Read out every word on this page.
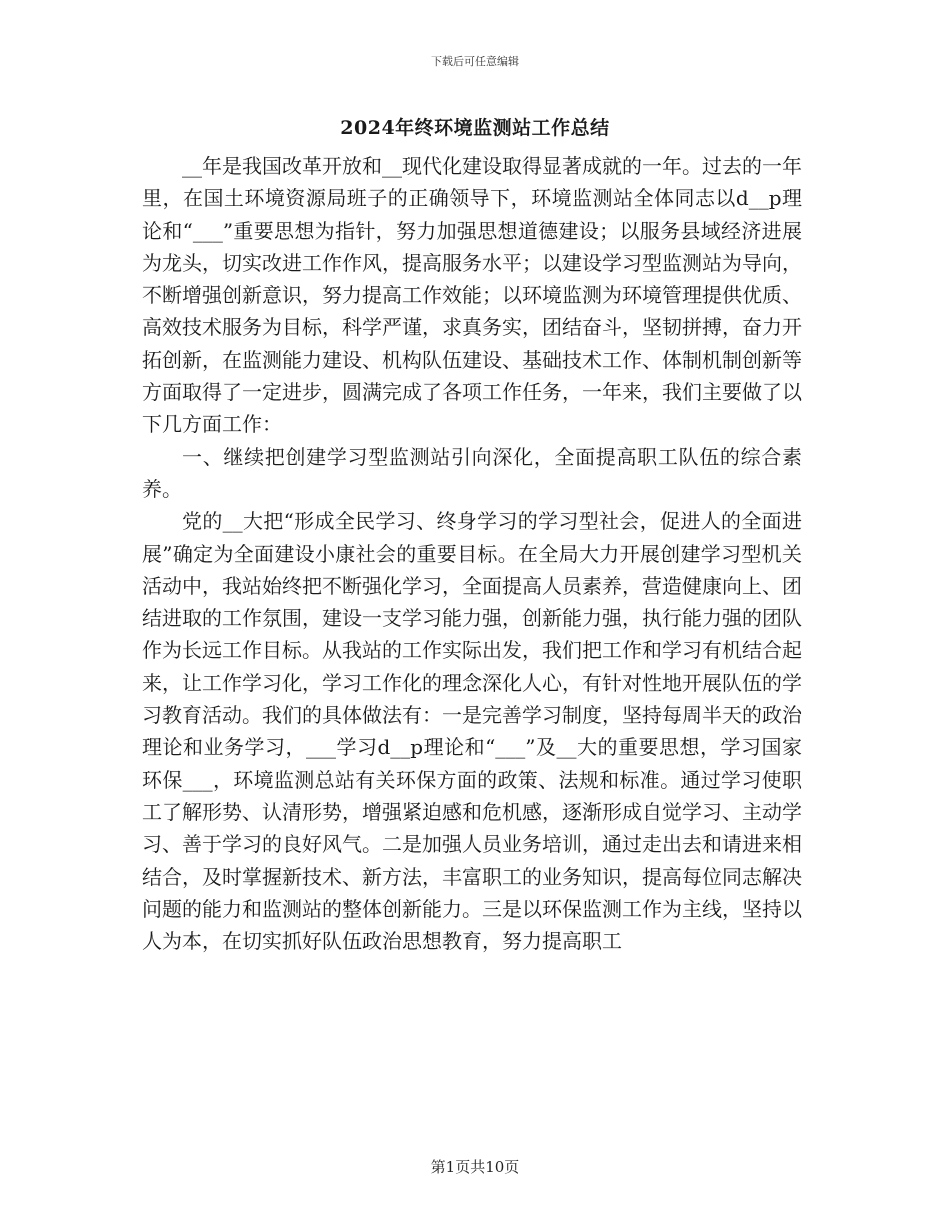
下载后可任意编辑
2024年终环境监测站工作总结

__年是我国改革开放和__现代化建设取得显著成就的一年。过去的一年里，在国土环境资源局班子的正确领导下，环境监测站全体同志以d__p理论和“___”重要思想为指针，努力加强思想道德建设；以服务县域经济进展为龙头，切实改进工作作风，提高服务水平；以建设学习型监测站为导向，不断增强创新意识，努力提高工作效能；以环境监测为环境管理提供优质、高效技术服务为目标，科学严谨，求真务实，团结奋斗，坚韧拼搏，奋力开拓创新，在监测能力建设、机构队伍建设、基础技术工作、体制机制创新等方面取得了一定进步，圆满完成了各项工作任务，一年来，我们主要做了以下几方面工作：

一、继续把创建学习型监测站引向深化，全面提高职工队伍的综合素养。

党的__大把“形成全民学习、终身学习的学习型社会，促进人的全面进展”确定为全面建设小康社会的重要目标。在全局大力开展创建学习型机关活动中，我站始终把不断强化学习，全面提高人员素养，营造健康向上、团结进取的工作氛围，建设一支学习能力强，创新能力强，执行能力强的团队作为长远工作目标。从我站的工作实际出发，我们把工作和学习有机结合起来，让工作学习化，学习工作化的理念深化人心，有针对性地开展队伍的学习教育活动。我们的具体做法有：一是完善学习制度，坚持每周半天的政治理论和业务学习，___学习d__p理论和“___”及__大的重要思想，学习国家环保___，环境监测总站有关环保方面的政策、法规和标准。通过学习使职工了解形势、认清形势，增强紧迫感和危机感，逐渐形成自觉学习、主动学习、善于学习的良好风气。二是加强人员业务培训，通过走出去和请进来相结合，及时掌握新技术、新方法，丰富职工的业务知识，提高每位同志解决问题的能力和监测站的整体创新能力。三是以环保监测工作为主线，坚持以人为本，在切实抓好队伍政治思想教育，努力提高职工

第1页共10页
